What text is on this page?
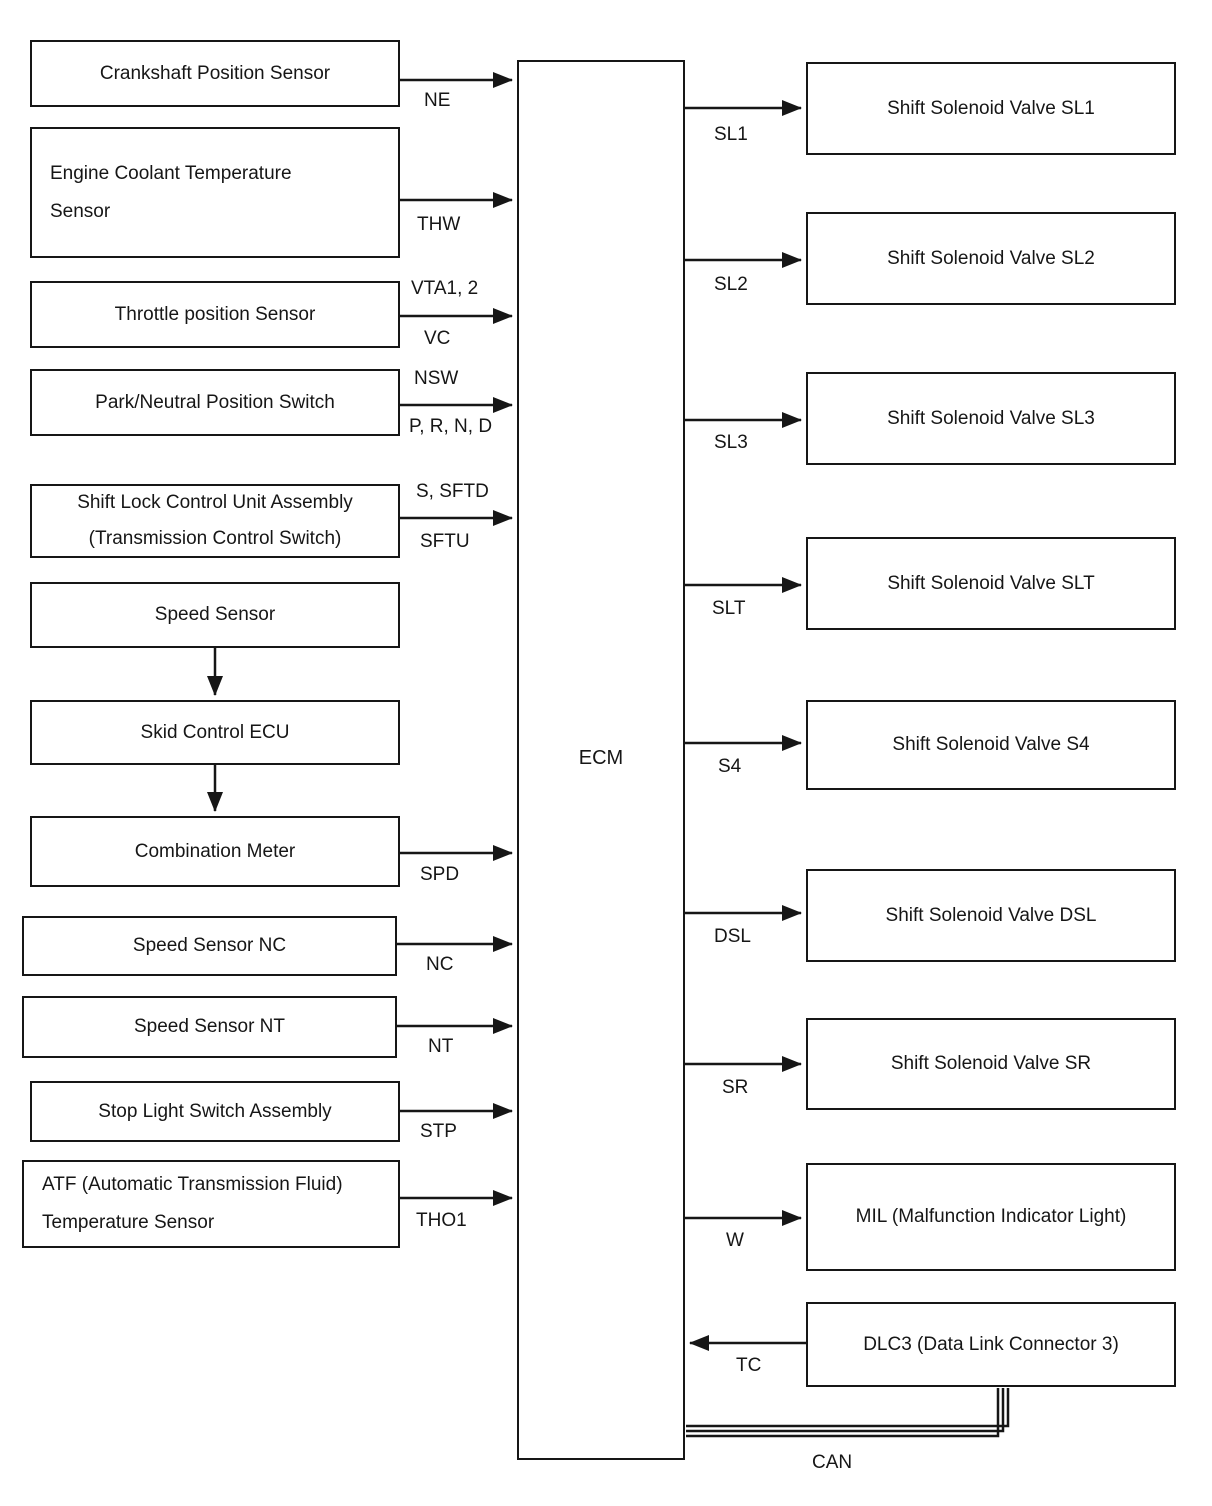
Crankshaft Position Sensor
Engine Coolant Temperature Sensor
Throttle position Sensor
Park/Neutral Position Switch
Shift Lock Control Unit Assembly (Transmission Control Switch)
Speed Sensor
Skid Control ECU
Combination Meter
Speed Sensor NC
Speed Sensor NT
Stop Light Switch Assembly
ATF (Automatic Transmission Fluid) Temperature Sensor
ECM
Shift Solenoid Valve SL1
Shift Solenoid Valve SL2
Shift Solenoid Valve SL3
Shift Solenoid Valve SLT
Shift Solenoid Valve S4
Shift Solenoid Valve DSL
Shift Solenoid Valve SR
MIL (Malfunction Indicator Light)
DLC3 (Data Link Connector 3)
NE
THW
VTA1, 2
VC
NSW
P, R, N, D
S, SFTD
SFTU
SPD
NC
NT
STP
THO1
SL1
SL2
SL3
SLT
S4
DSL
SR
W
TC
CAN
